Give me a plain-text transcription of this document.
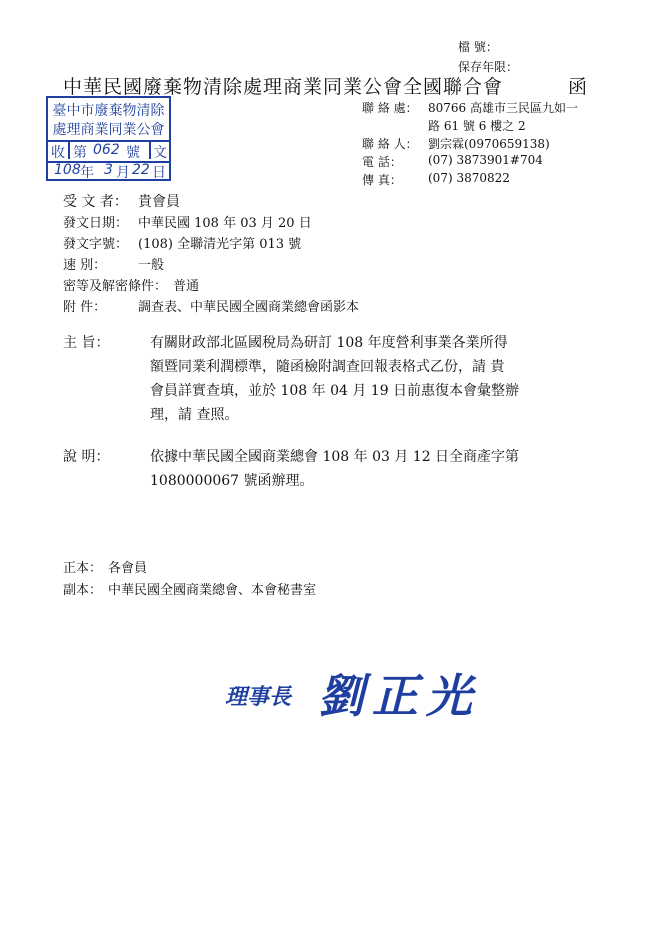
檔 號：
保存年限：
中華民國廢棄物清除處理商業同業公會全國聯合會	函
聯 絡 處： 80766 高雄市三民區九如一
路 61 號 6 樓之 2
聯 絡 人： 劉宗霖(0970659138)
電 話： (07) 3873901#704
傳 真： (07) 3870822
臺中市廢棄物清除
處理商業同業公會
收 第 062 號 文
108 年 3 月 22 日
受 文 者： 貴會員
發文日期： 中華民國 108 年 03 月 20 日
發文字號： (108) 全聯清光字第 013 號
速 別： 一般
密等及解密條件： 普通
附 件： 調查表、中華民國全國商業總會函影本
主 旨：	有關財政部北區國稅局為研訂 108 年度營利事業各業所得
額暨同業利潤標準，隨函檢附調查回報表格式乙份，請 貴
會員詳實查填，並於 108 年 04 月 19 日前惠復本會彙整辦
理，請 查照。
說 明：	依據中華民國全國商業總會 108 年 03 月 12 日全商產字第
1080000067 號函辦理。
正本： 各會員
副本： 中華民國全國商業總會、本會秘書室
理事長 劉正光
